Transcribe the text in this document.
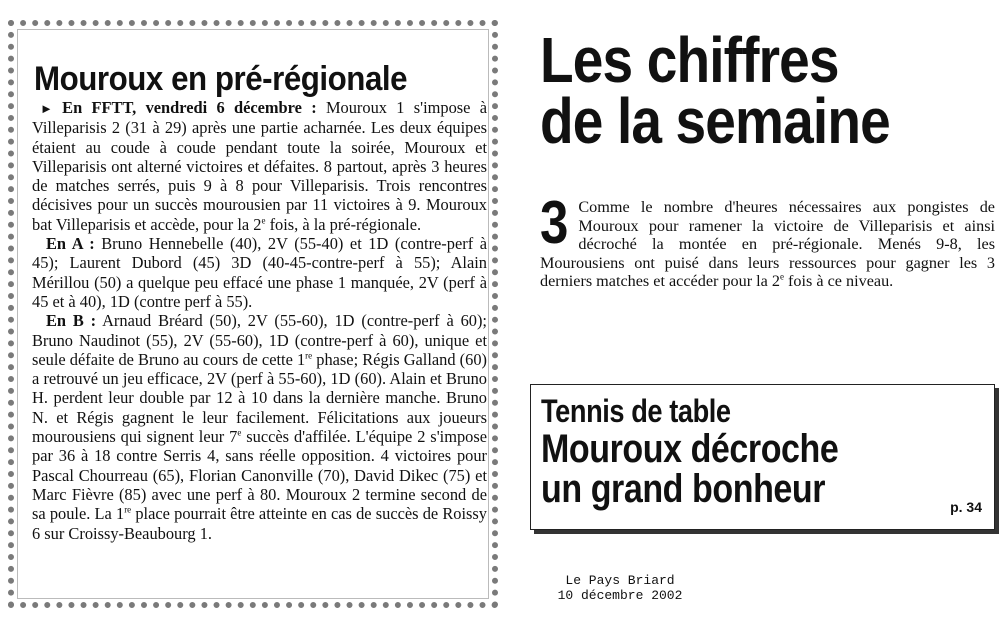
Mouroux en pré-régionale

► En FFTT, vendredi 6 décembre : Mouroux 1 s'impose à Villeparisis 2 (31 à 29) après une partie acharnée. Les deux équipes étaient au coude à coude pendant toute la soirée, Mouroux et Villeparisis ont alterné victoires et défaites. 8 partout, après 3 heures de matches serrés, puis 9 à 8 pour Villeparisis. Trois rencontres décisives pour un succès mourousien par 11 victoires à 9. Mouroux bat Villeparisis et accède, pour la 2e fois, à la pré-régionale.

En A : Bruno Hennebelle (40), 2V (55-40) et 1D (contre-perf à 45); Laurent Dubord (45) 3D (40-45-contre-perf à 55); Alain Mérillou (50) a quelque peu effacé une phase 1 manquée, 2V (perf à 45 et à 40), 1D (contre perf à 55).

En B : Arnaud Bréard (50), 2V (55-60), 1D (contre-perf à 60); Bruno Naudinot (55), 2V (55-60), 1D (contre-perf à 60), unique et seule défaite de Bruno au cours de cette 1re phase; Régis Galland (60) a retrouvé un jeu efficace, 2V (perf à 55-60), 1D (60). Alain et Bruno H. perdent leur double par 12 à 10 dans la dernière manche. Bruno N. et Régis gagnent le leur facilement. Félicitations aux joueurs mourousiens qui signent leur 7e succès d'affilée. L'équipe 2 s'impose par 36 à 18 contre Serris 4, sans réelle opposition. 4 victoires pour Pascal Chourreau (65), Florian Canonville (70), David Dikec (75) et Marc Fièvre (85) avec une perf à 80. Mouroux 2 termine second de sa poule. La 1re place pourrait être atteinte en cas de succès de Roissy 6 sur Croissy-Beaubourg 1.

Les chiffres
de la semaine
3 Comme le nombre d'heures nécessaires aux pongistes de Mouroux pour ramener la victoire de Villeparisis et ainsi décroché la montée en pré-régionale. Menés 9-8, les Mourousiens ont puisé dans leurs ressources pour gagner les 3 derniers matches et accéder pour la 2e fois à ce niveau.
Tennis de table
Mouroux décroche
un grand bonheur	p. 34
Le Pays Briard
10 décembre 2002
